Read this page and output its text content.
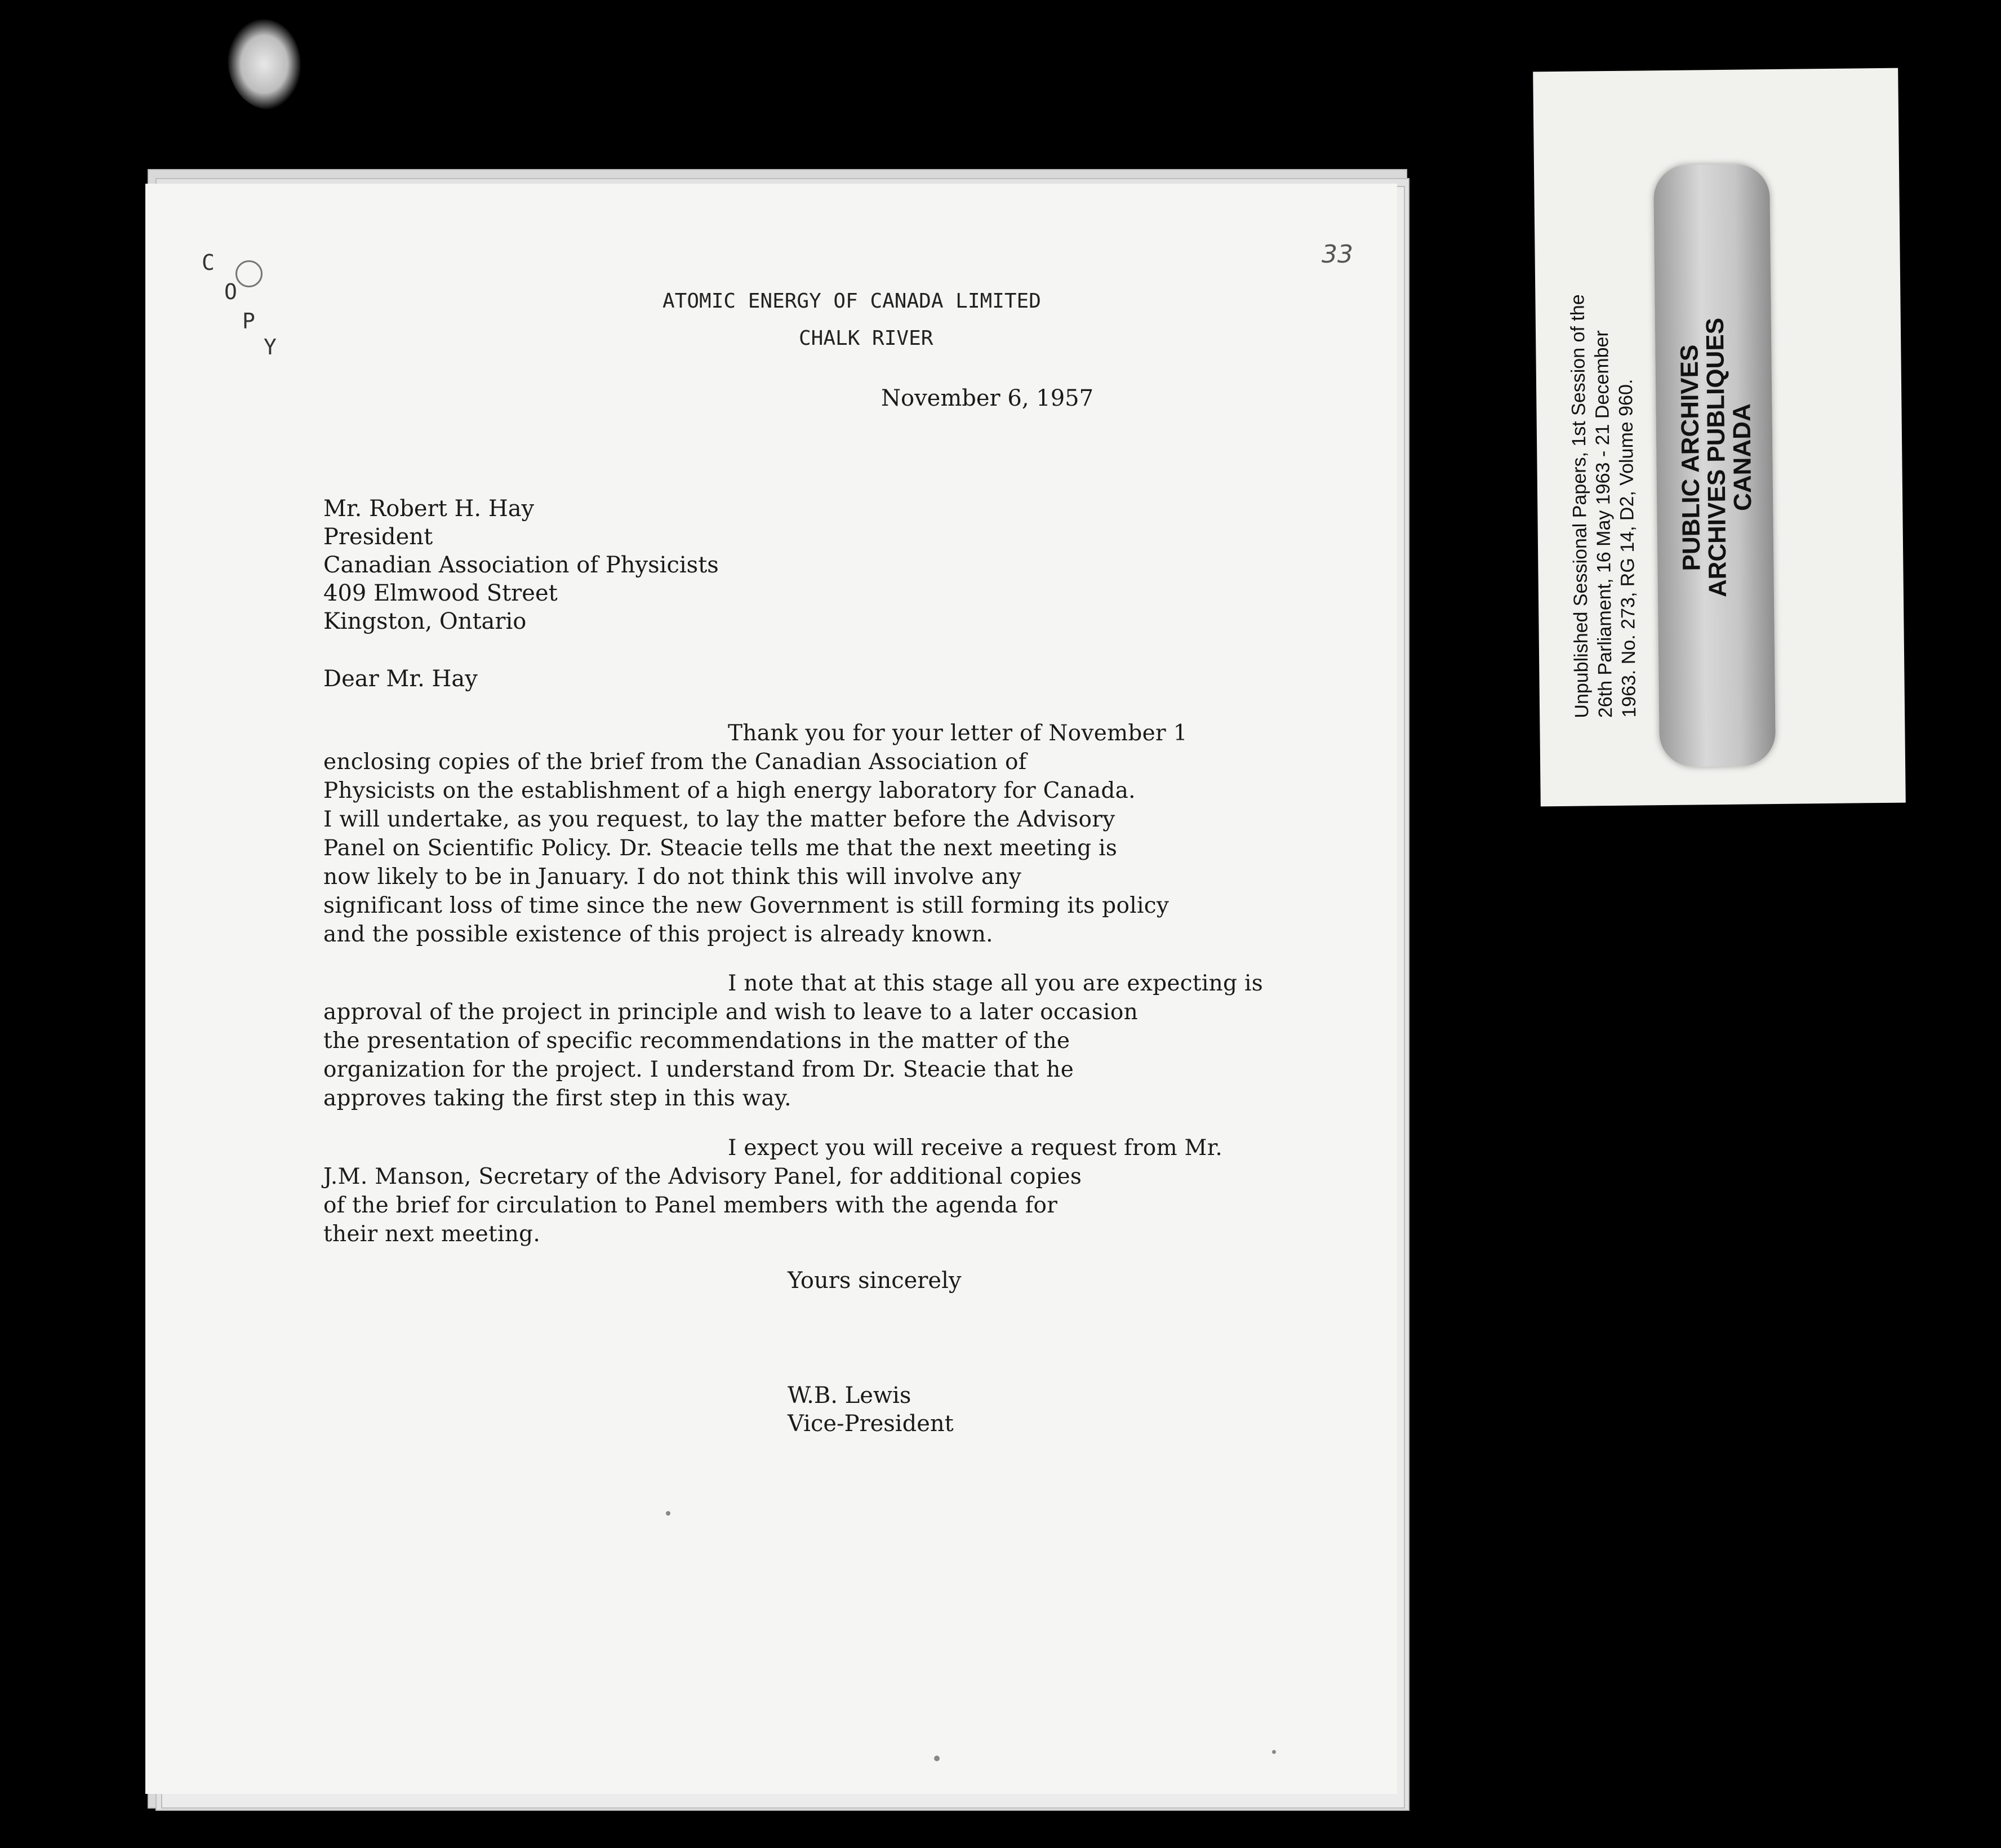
C
O
P
Y
33
ATOMIC ENERGY OF CANADA LIMITED
CHALK RIVER
November 6, 1957
Mr. Robert H. Hay
President
Canadian Association of Physicists
409 Elmwood Street
Kingston, Ontario
Dear Mr. Hay
Thank you for your letter of November 1
enclosing copies of the brief from the Canadian Association of
Physicists on the establishment of a high energy laboratory for Canada.
I will undertake, as you request, to lay the matter before the Advisory
Panel on Scientific Policy. Dr. Steacie tells me that the next meeting is
now likely to be in January. I do not think this will involve any
significant loss of time since the new Government is still forming its policy
and the possible existence of this project is already known.
I note that at this stage all you are expecting is
approval of the project in principle and wish to leave to a later occasion
the presentation of specific recommendations in the matter of the
organization for the project. I understand from Dr. Steacie that he
approves taking the first step in this way.
I expect you will receive a request from Mr.
J.M. Manson, Secretary of the Advisory Panel, for additional copies
of the brief for circulation to Panel members with the agenda for
their next meeting.
Yours sincerely
W.B. Lewis
Vice-President
Unpublished Sessional Papers, 1st Session of the
26th Parliament, 16 May 1963 - 21 December
1963. No. 273, RG 14, D2, Volume 960. PUBLIC ARCHIVES
ARCHIVES PUBLIQUES
CANADA
